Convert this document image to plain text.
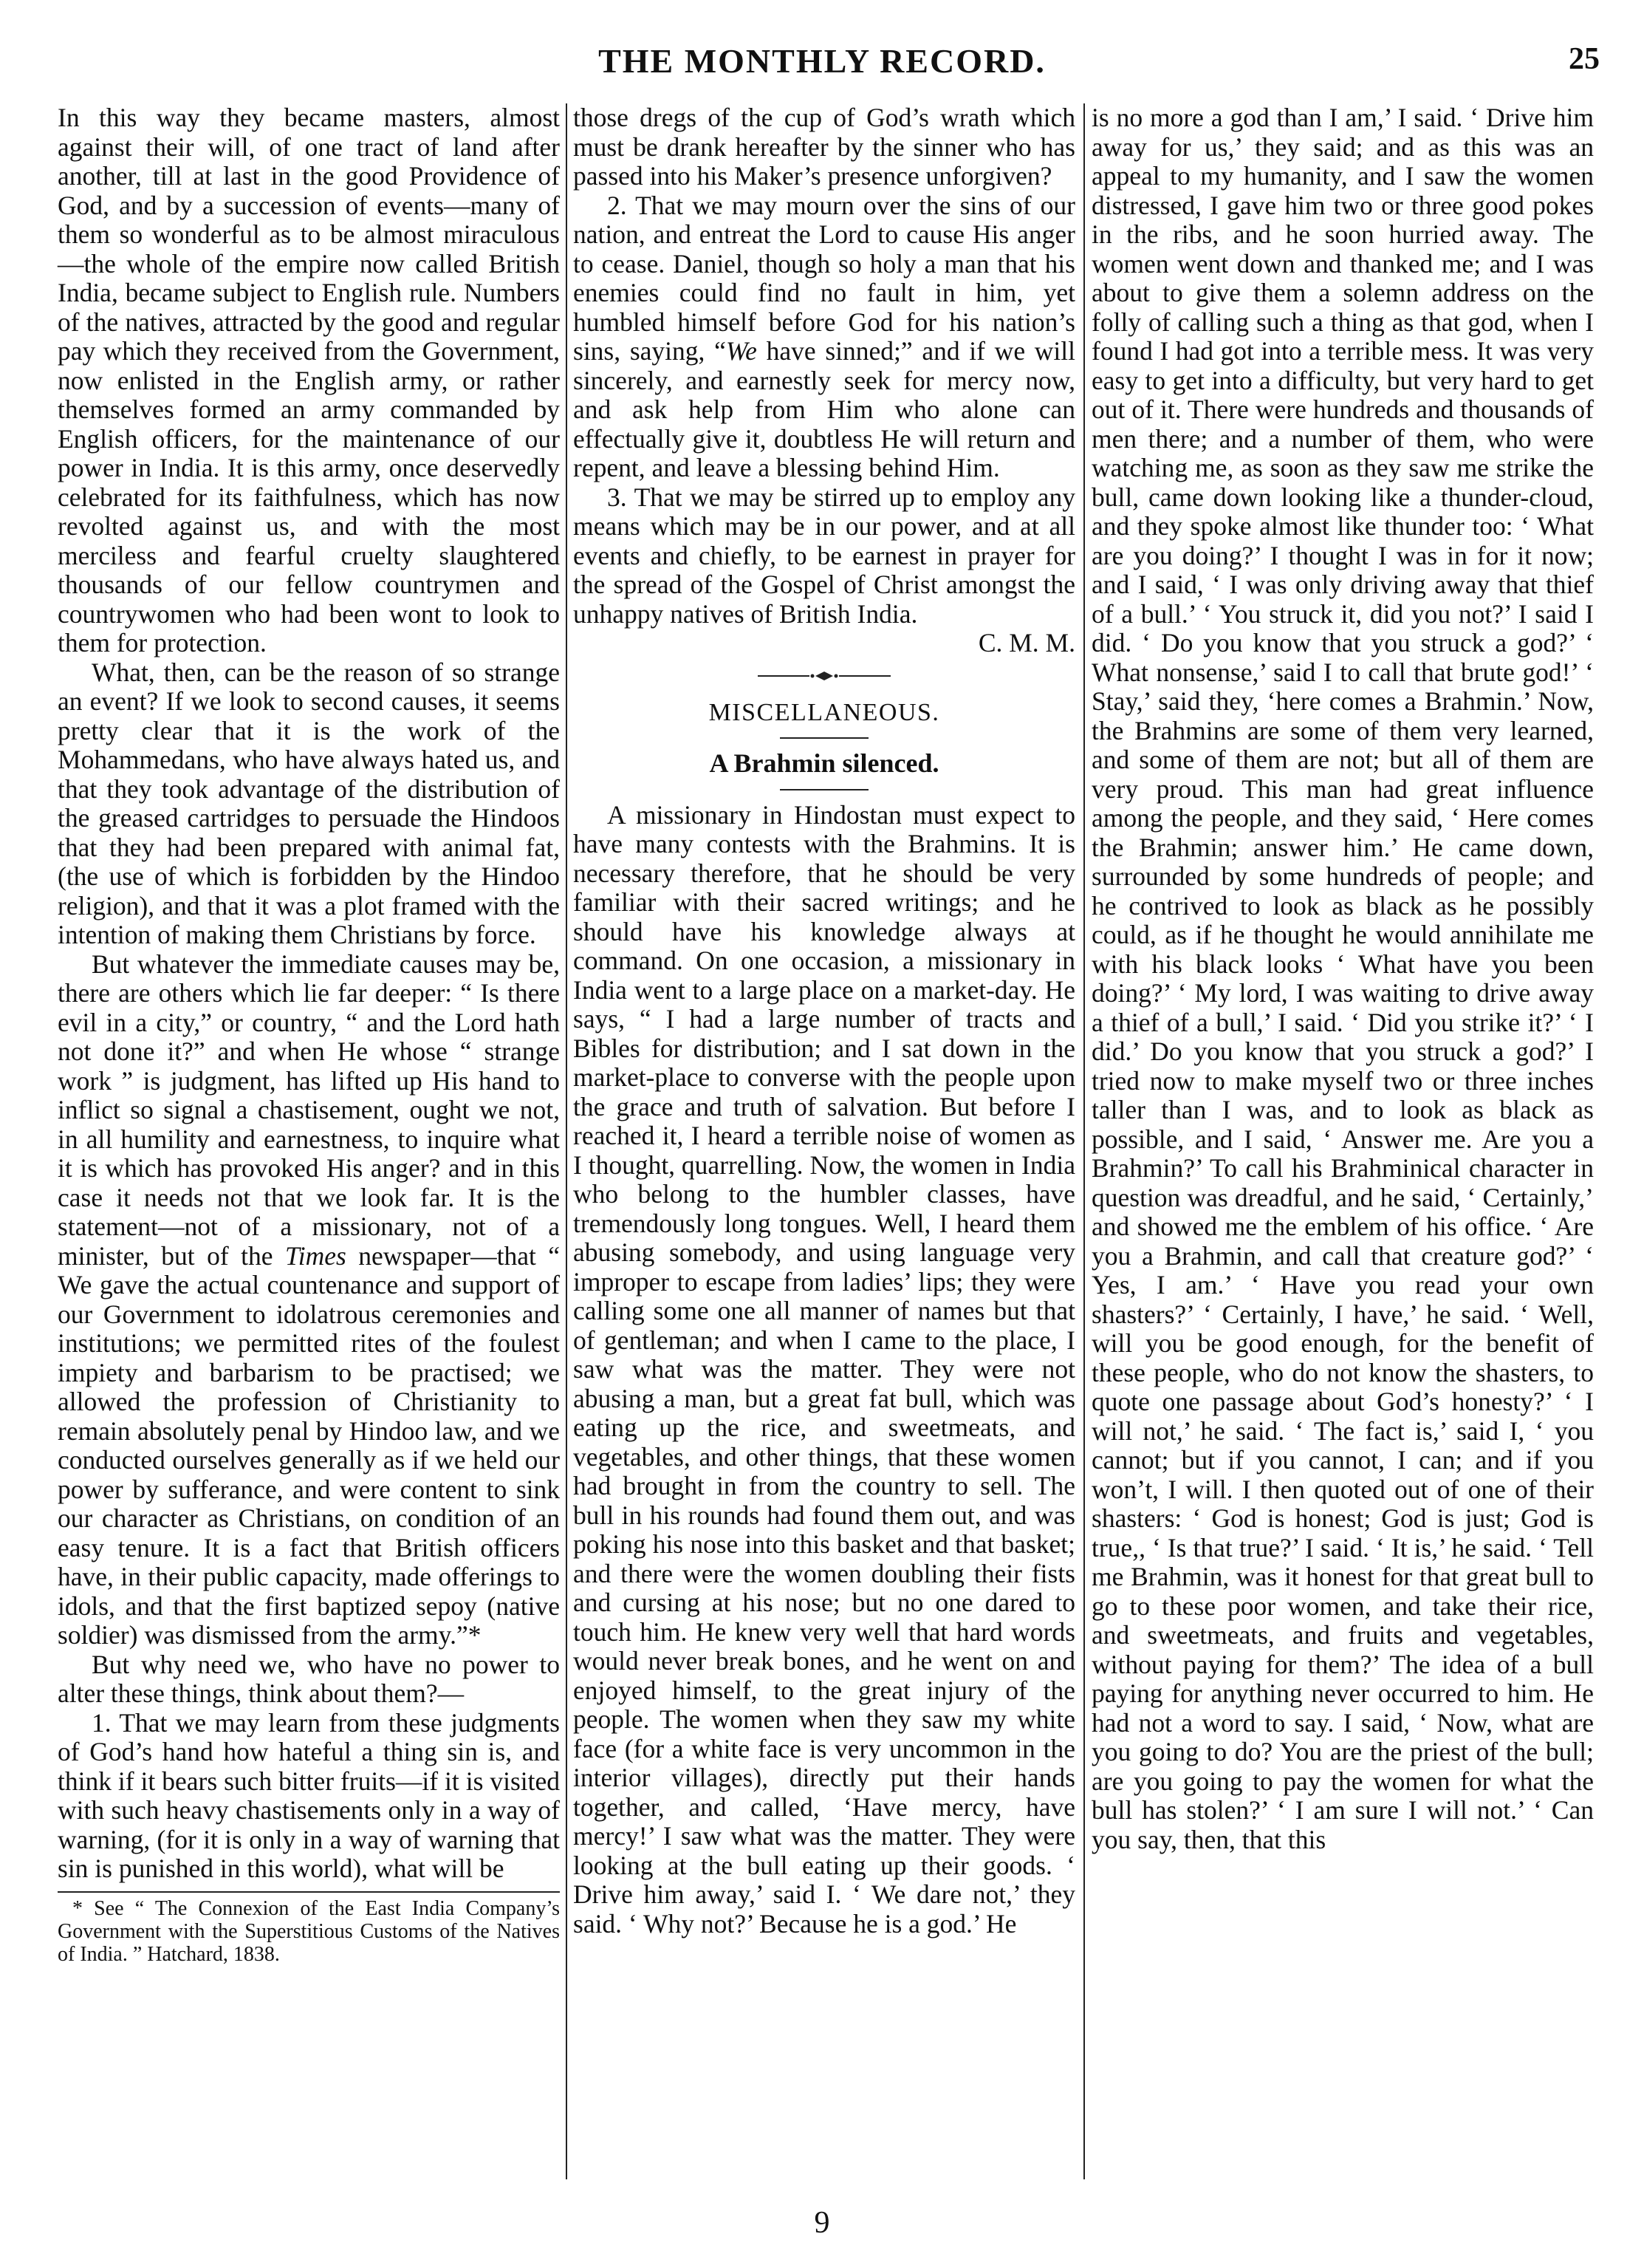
THE MONTHLY RECORD.	25

In this way they became masters, almost against their will, of one tract of land after another, till at last in the good Providence of God, and by a succession of events—many of them so wonderful as to be almost miraculous—the whole of the empire now called British India, became subject to English rule. Numbers of the natives, attracted by the good and regular pay which they received from the Government, now enlisted in the English army, or rather themselves formed an army commanded by English officers, for the maintenance of our power in India. It is this army, once deservedly celebrated for its faithfulness, which has now revolted against us, and with the most merciless and fearful cruelty slaughtered thousands of our fellow countrymen and countrywomen who had been wont to look to them for protection.

What, then, can be the reason of so strange an event? If we look to second causes, it seems pretty clear that it is the work of the Mohammedans, who have always hated us, and that they took advantage of the distribution of the greased cartridges to persuade the Hindoos that they had been prepared with animal fat, (the use of which is forbidden by the Hindoo religion), and that it was a plot framed with the intention of making them Christians by force.

But whatever the immediate causes may be, there are others which lie far deeper: “ Is there evil in a city,” or country, “ and the Lord hath not done it?” and when He whose “ strange work ” is judgment, has lifted up His hand to inflict so signal a chastisement, ought we not, in all humility and earnestness, to inquire what it is which has provoked His anger? and in this case it needs not that we look far. It is the statement—not of a missionary, not of a minister, but of the Times newspaper—that “ We gave the actual countenance and support of our Government to idolatrous ceremonies and institutions; we permitted rites of the foulest impiety and barbarism to be practised; we allowed the profession of Christianity to remain absolutely penal by Hindoo law, and we conducted ourselves generally as if we held our power by sufferance, and were content to sink our character as Christians, on condition of an easy tenure. It is a fact that British officers have, in their public capacity, made offerings to idols, and that the first baptized sepoy (native soldier) was dismissed from the army.”*

But why need we, who have no power to alter these things, think about them?—

1. That we may learn from these judgments of God’s hand how hateful a thing sin is, and think if it bears such bitter fruits—if it is visited with such heavy chastisements only in a way of warning, (for it is only in a way of warning that sin is punished in this world), what will be

* See “ The Connexion of the East India Company’s Government with the Superstitious Customs of the Natives of India. ” Hatchard, 1838.

those dregs of the cup of God’s wrath which must be drank hereafter by the sinner who has passed into his Maker’s presence unforgiven?

2. That we may mourn over the sins of our nation, and entreat the Lord to cause His anger to cease. Daniel, though so holy a man that his enemies could find no fault in him, yet humbled himself before God for his nation’s sins, saying, “We have sinned;” and if we will sincerely, and earnestly seek for mercy now, and ask help from Him who alone can effectually give it, doubtless He will return and repent, and leave a blessing behind Him.

3. That we may be stirred up to employ any means which may be in our power, and at all events and chiefly, to be earnest in prayer for the spread of the Gospel of Christ amongst the unhappy natives of British India.

C. M. M.
MISCELLANEOUS.
A Brahmin silenced.

A missionary in Hindostan must expect to have many contests with the Brahmins. It is necessary therefore, that he should be very familiar with their sacred writings; and he should have his knowledge always at command. On one occasion, a missionary in India went to a large place on a market-day. He says, “ I had a large number of tracts and Bibles for distribution; and I sat down in the market-place to converse with the people upon the grace and truth of salvation. But before I reached it, I heard a terrible noise of women as I thought, quarrelling. Now, the women in India who belong to the humbler classes, have tremendously long tongues. Well, I heard them abusing somebody, and using language very improper to escape from ladies’ lips; they were calling some one all manner of names but that of gentleman; and when I came to the place, I saw what was the matter. They were not abusing a man, but a great fat bull, which was eating up the rice, and sweetmeats, and vegetables, and other things, that these women had brought in from the country to sell. The bull in his rounds had found them out, and was poking his nose into this basket and that basket; and there were the women doubling their fists and cursing at his nose; but no one dared to touch him. He knew very well that hard words would never break bones, and he went on and enjoyed himself, to the great injury of the people. The women when they saw my white face (for a white face is very uncommon in the interior villages), directly put their hands together, and called, ‘Have mercy, have mercy!’ I saw what was the matter. They were looking at the bull eating up their goods. ‘ Drive him away,’ said I. ‘ We dare not,’ they said. ‘ Why not?’ Because he is a god.’ He

is no more a god than I am,’ I said. ‘ Drive him away for us,’ they said; and as this was an appeal to my humanity, and I saw the women distressed, I gave him two or three good pokes in the ribs, and he soon hurried away. The women went down and thanked me; and I was about to give them a solemn address on the folly of calling such a thing as that god, when I found I had got into a terrible mess. It was very easy to get into a difficulty, but very hard to get out of it. There were hundreds and thousands of men there; and a number of them, who were watching me, as soon as they saw me strike the bull, came down looking like a thunder-cloud, and they spoke almost like thunder too: ‘ What are you doing?’ I thought I was in for it now; and I said, ‘ I was only driving away that thief of a bull.’ ‘ You struck it, did you not?’ I said I did. ‘ Do you know that you struck a god?’ ‘ What nonsense,’ said I to call that brute god!’ ‘ Stay,’ said they, ‘here comes a Brahmin.’ Now, the Brahmins are some of them very learned, and some of them are not; but all of them are very proud. This man had great influence among the people, and they said, ‘ Here comes the Brahmin; answer him.’ He came down, surrounded by some hundreds of people; and he contrived to look as black as he possibly could, as if he thought he would annihilate me with his black looks ‘ What have you been doing?’ ‘ My lord, I was waiting to drive away a thief of a bull,’ I said. ‘ Did you strike it?’ ‘ I did.’ Do you know that you struck a god?’ I tried now to make myself two or three inches taller than I was, and to look as black as possible, and I said, ‘ Answer me. Are you a Brahmin?’ To call his Brahminical character in question was dreadful, and he said, ‘ Certainly,’ and showed me the emblem of his office. ‘ Are you a Brahmin, and call that creature god?’ ‘ Yes, I am.’ ‘ Have you read your own shasters?’ ‘ Certainly, I have,’ he said. ‘ Well, will you be good enough, for the benefit of these people, who do not know the shasters, to quote one passage about God’s honesty?’ ‘ I will not,’ he said. ‘ The fact is,’ said I, ‘ you cannot; but if you cannot, I can; and if you won’t, I will. I then quoted out of one of their shasters: ‘ God is honest; God is just; God is true,, ‘ Is that true?’ I said. ‘ It is,’ he said. ‘ Tell me Brahmin, was it honest for that great bull to go to these poor women, and take their rice, and sweetmeats, and fruits and vegetables, without paying for them?’ The idea of a bull paying for anything never occurred to him. He had not a word to say. I said, ‘ Now, what are you going to do? You are the priest of the bull; are you going to pay the women for what the bull has stolen?’ ‘ I am sure I will not.’ ‘ Can you say, then, that this

9
